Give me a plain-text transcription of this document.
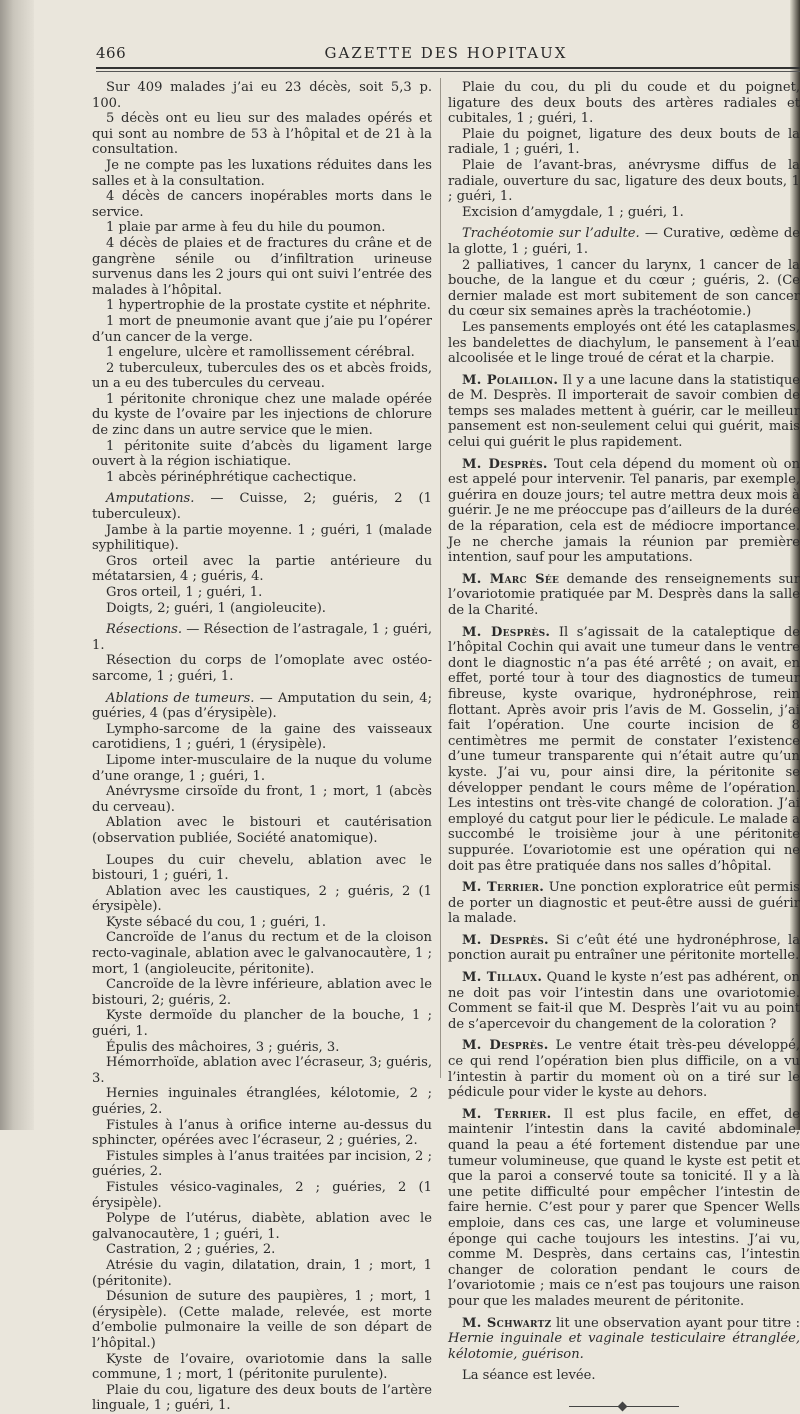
466	GAZETTE DES HOPITAUX

Sur 409 malades j’ai eu 23 décès, soit 5,3 p. 100.

5 décès ont eu lieu sur des malades opérés et qui sont au nombre de 53 à l’hôpital et de 21 à la consultation.

Je ne compte pas les luxations réduites dans les salles et à la consultation.

4 décès de cancers inopérables morts dans le service.

1 plaie par arme à feu du hile du poumon.

4 décès de plaies et de fractures du crâne et de gangrène sénile ou d’infiltration urineuse survenus dans les 2 jours qui ont suivi l’entrée des malades à l’hôpital.

1 hypertrophie de la prostate cystite et néphrite.

1 mort de pneumonie avant que j’aie pu l’opérer d’un cancer de la verge.

1 engelure, ulcère et ramollissement cérébral.

2 tuberculeux, tubercules des os et abcès froids, un a eu des tubercules du cerveau.

1 péritonite chronique chez une malade opérée du kyste de l’ovaire par les injections de chlorure de zinc dans un autre service que le mien.

1 péritonite suite d’abcès du ligament large ouvert à la région ischiatique.

1 abcès périnéphrétique cachectique.

Amputations. — Cuisse, 2; guéris, 2 (1 tuberculeux).

Jambe à la partie moyenne. 1 ; guéri, 1 (malade syphilitique).

Gros orteil avec la partie antérieure du métatarsien, 4 ; guéris, 4.

Gros orteil, 1 ; guéri, 1.

Doigts, 2; guéri, 1 (angioleucite).

Résections. — Résection de l’astragale, 1 ; guéri, 1.

Résection du corps de l’omoplate avec ostéo-sarcome, 1 ; guéri, 1.

Ablations de tumeurs. — Amputation du sein, 4; guéries, 4 (pas d’érysipèle).

Lympho-sarcome de la gaine des vaisseaux carotidiens, 1 ; guéri, 1 (érysipèle).

Lipome inter-musculaire de la nuque du volume d’une orange, 1 ; guéri, 1.

Anévrysme cirsoïde du front, 1 ; mort, 1 (abcès du cerveau).

Ablation avec le bistouri et cautérisation (observation publiée, Société anatomique).

Loupes du cuir chevelu, ablation avec le bistouri, 1 ; guéri, 1.

Ablation avec les caustiques, 2 ; guéris, 2 (1 érysipèle).

Kyste sébacé du cou, 1 ; guéri, 1.

Cancroïde de l’anus du rectum et de la cloison recto-vaginale, ablation avec le galvanocautère, 1 ; mort, 1 (angioleucite, péritonite).

Cancroïde de la lèvre inférieure, ablation avec le bistouri, 2; guéris, 2.

Kyste dermoïde du plancher de la bouche, 1 ; guéri, 1.

Épulis des mâchoires, 3 ; guéris, 3.

Hémorrhoïde, ablation avec l’écraseur, 3; guéris, 3.

Hernies inguinales étranglées, kélotomie, 2 ; guéries, 2.

Fistules à l’anus à orifice interne au-dessus du sphincter, opérées avec l’écraseur, 2 ; guéries, 2.

Fistules simples à l’anus traitées par incision, 2 ; guéries, 2.

Fistules vésico-vaginales, 2 ; guéries, 2 (1 érysipèle).

Polype de l’utérus, diabète, ablation avec le galvanocautère, 1 ; guéri, 1.

Castration, 2 ; guéries, 2.

Atrésie du vagin, dilatation, drain, 1 ; mort, 1 (péritonite).

Désunion de suture des paupières, 1 ; mort, 1 (érysipèle). (Cette malade, relevée, est morte d’embolie pulmonaire la veille de son départ de l’hôpital.)

Kyste de l’ovaire, ovariotomie dans la salle commune, 1 ; mort, 1 (péritonite purulente).

Plaie du cou, ligature des deux bouts de l’artère linguale, 1 ; guéri, 1.

Plaie du cou, du pli du coude et du poignet, ligature des deux bouts des artères radiales et cubitales, 1 ; guéri, 1.

Plaie du poignet, ligature des deux bouts de la radiale, 1 ; guéri, 1.

Plaie de l’avant-bras, anévrysme diffus de la radiale, ouverture du sac, ligature des deux bouts, 1 ; guéri, 1.

Excision d’amygdale, 1 ; guéri, 1.

Trachéotomie sur l’adulte. — Curative, œdème de la glotte, 1 ; guéri, 1.

2 palliatives, 1 cancer du larynx, 1 cancer de la bouche, de la langue et du cœur ; guéris, 2. (Ce dernier malade est mort subitement de son cancer du cœur six semaines après la trachéotomie.)

Les pansements employés ont été les cataplasmes, les bandelettes de diachylum, le pansement à l’eau alcoolisée et le linge troué de cérat et la charpie.

M. Polaillon. Il y a une lacune dans la statistique de M. Desprès. Il importerait de savoir combien de temps ses malades mettent à guérir, car le meilleur pansement est non-seulement celui qui guérit, mais celui qui guérit le plus rapidement.

M. Desprès. Tout cela dépend du moment où on est appelé pour intervenir. Tel panaris, par exemple, guérira en douze jours; tel autre mettra deux mois à guérir. Je ne me préoccupe pas d’ailleurs de la durée de la réparation, cela est de médiocre importance. Je ne cherche jamais la réunion par première intention, sauf pour les amputations.

M. Marc Sée demande des renseignements sur l’ovariotomie pratiquée par M. Desprès dans la salle de la Charité.

M. Desprès. Il s’agissait de la cataleptique de l’hôpital Cochin qui avait une tumeur dans le ventre dont le diagnostic n’a pas été arrêté ; on avait, en effet, porté tour à tour des diagnostics de tumeur fibreuse, kyste ovarique, hydronéphrose, rein flottant. Après avoir pris l’avis de M. Gosselin, j’ai fait l’opération. Une courte incision de 8 centimètres me permit de constater l’existence d’une tumeur transparente qui n’était autre qu’un kyste. J’ai vu, pour ainsi dire, la péritonite se développer pendant le cours même de l’opération. Les intestins ont très-vite changé de coloration. J’ai employé du catgut pour lier le pédicule. Le malade a succombé le troisième jour à une péritonite suppurée. L’ovariotomie est une opération qui ne doit pas être pratiquée dans nos salles d’hôpital.

M. Terrier. Une ponction exploratrice eût permis de porter un diagnostic et peut-être aussi de guérir la malade.

M. Desprès. Si c’eût été une hydronéphrose, la ponction aurait pu entraîner une péritonite mortelle.

M. Tillaux. Quand le kyste n’est pas adhérent, on ne doit pas voir l’intestin dans une ovariotomie. Comment se fait-il que M. Desprès l’ait vu au point de s’apercevoir du changement de la coloration ?

M. Desprès. Le ventre était très-peu développé, ce qui rend l’opération bien plus difficile, on a vu l’intestin à partir du moment où on a tiré sur le pédicule pour vider le kyste au dehors.

M. Terrier. Il est plus facile, en effet, de maintenir l’intestin dans la cavité abdominale, quand la peau a été fortement distendue par une tumeur volumineuse, que quand le kyste est petit et que la paroi a conservé toute sa tonicité. Il y a là une petite difficulté pour empêcher l’intestin de faire hernie. C’est pour y parer que Spencer Wells emploie, dans ces cas, une large et volumineuse éponge qui cache toujours les intestins. J’ai vu, comme M. Desprès, dans certains cas, l’intestin changer de coloration pendant le cours de l’ovariotomie ; mais ce n’est pas toujours une raison pour que les malades meurent de péritonite.

M. Schwartz lit une observation ayant pour titre : Hernie inguinale et vaginale testiculaire étranglée, kélotomie, guérison.

La séance est levée.
